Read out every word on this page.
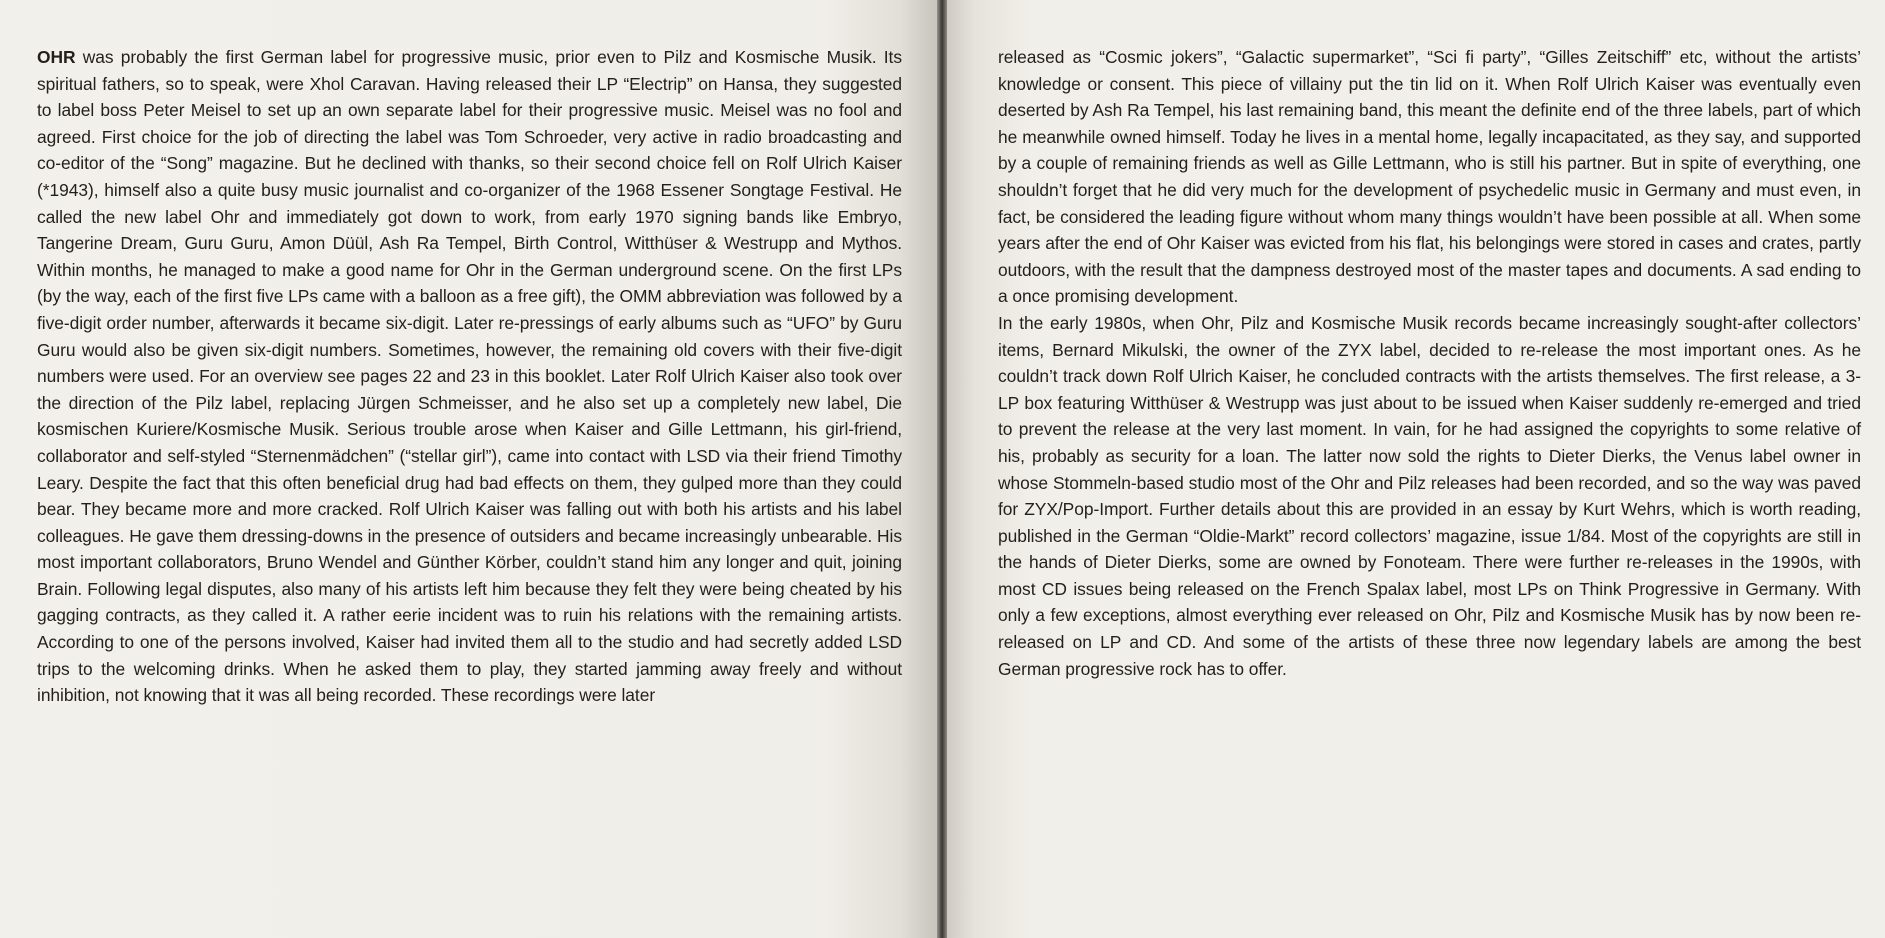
OHR was probably the first German label for progressive music, prior even to Pilz and Kosmische Musik. Its spiritual fathers, so to speak, were Xhol Caravan. Having released their LP “Electrip” on Hansa, they suggested to label boss Peter Meisel to set up an own separate label for their progressive music. Meisel was no fool and agreed. First choice for the job of directing the label was Tom Schroeder, very active in radio broadcasting and co-editor of the “Song” magazine. But he declined with thanks, so their second choice fell on Rolf Ulrich Kaiser (*1943), himself also a quite busy music journalist and co-organizer of the 1968 Essener Songtage Festival. He called the new label Ohr and immediately got down to work, from early 1970 signing bands like Embryo, Tangerine Dream, Guru Guru, Amon Düül, Ash Ra Tempel, Birth Control, Witthüser & Westrupp and Mythos. Within months, he managed to make a good name for Ohr in the German underground scene. On the first LPs (by the way, each of the first five LPs came with a balloon as a free gift), the OMM abbreviation was followed by a five-digit order number, afterwards it became six-digit. Later re-pressings of early albums such as “UFO” by Guru Guru would also be given six-digit numbers. Sometimes, however, the remaining old covers with their five-digit numbers were used. For an overview see pages 22 and 23 in this booklet. Later Rolf Ulrich Kaiser also took over the direction of the Pilz label, replacing Jürgen Schmeisser, and he also set up a completely new label, Die kosmischen Kuriere/Kosmische Musik. Serious trouble arose when Kaiser and Gille Lettmann, his girl-friend, collaborator and self-styled “Sternenmädchen” (“stellar girl”), came into contact with LSD via their friend Timothy Leary. Despite the fact that this often beneficial drug had bad effects on them, they gulped more than they could bear. They became more and more cracked. Rolf Ulrich Kaiser was falling out with both his artists and his label colleagues. He gave them dressing-downs in the presence of outsiders and became increasingly unbearable. His most important collaborators, Bruno Wendel and Günther Körber, couldn’t stand him any longer and quit, joining Brain. Following legal disputes, also many of his artists left him because they felt they were being cheated by his gagging contracts, as they called it. A rather eerie incident was to ruin his relations with the remaining artists. According to one of the persons involved, Kaiser had invited them all to the studio and had secretly added LSD trips to the welcoming drinks. When he asked them to play, they started jamming away freely and without inhibition, not knowing that it was all being recorded. These recordings were later

released as “Cosmic jokers”, “Galactic supermarket”, “Sci fi party”, “Gilles Zeitschiff” etc, without the artists’ knowledge or consent. This piece of villainy put the tin lid on it. When Rolf Ulrich Kaiser was eventually even deserted by Ash Ra Tempel, his last remaining band, this meant the definite end of the three labels, part of which he meanwhile owned himself. Today he lives in a mental home, legally incapacitated, as they say, and supported by a couple of remaining friends as well as Gille Lettmann, who is still his partner. But in spite of everything, one shouldn’t forget that he did very much for the development of psychedelic music in Germany and must even, in fact, be considered the leading figure without whom many things wouldn’t have been possible at all. When some years after the end of Ohr Kaiser was evicted from his flat, his belongings were stored in cases and crates, partly outdoors, with the result that the dampness destroyed most of the master tapes and documents. A sad ending to a once promising development.

In the early 1980s, when Ohr, Pilz and Kosmische Musik records became increasingly sought-after collectors’ items, Bernard Mikulski, the owner of the ZYX label, decided to re-release the most important ones. As he couldn’t track down Rolf Ulrich Kaiser, he concluded contracts with the artists themselves. The first release, a 3-LP box featuring Witthüser & Westrupp was just about to be issued when Kaiser suddenly re-emerged and tried to prevent the release at the very last moment. In vain, for he had assigned the copyrights to some relative of his, probably as security for a loan. The latter now sold the rights to Dieter Dierks, the Venus label owner in whose Stommeln-based studio most of the Ohr and Pilz releases had been recorded, and so the way was paved for ZYX/Pop-Import. Further details about this are provided in an essay by Kurt Wehrs, which is worth reading, published in the German “Oldie-Markt” record collectors’ magazine, issue 1/84. Most of the copyrights are still in the hands of Dieter Dierks, some are owned by Fonoteam. There were further re-releases in the 1990s, with most CD issues being released on the French Spalax label, most LPs on Think Progressive in Germany. With only a few exceptions, almost everything ever released on Ohr, Pilz and Kosmische Musik has by now been re-released on LP and CD. And some of the artists of these three now legendary labels are among the best German progressive rock has to offer.
